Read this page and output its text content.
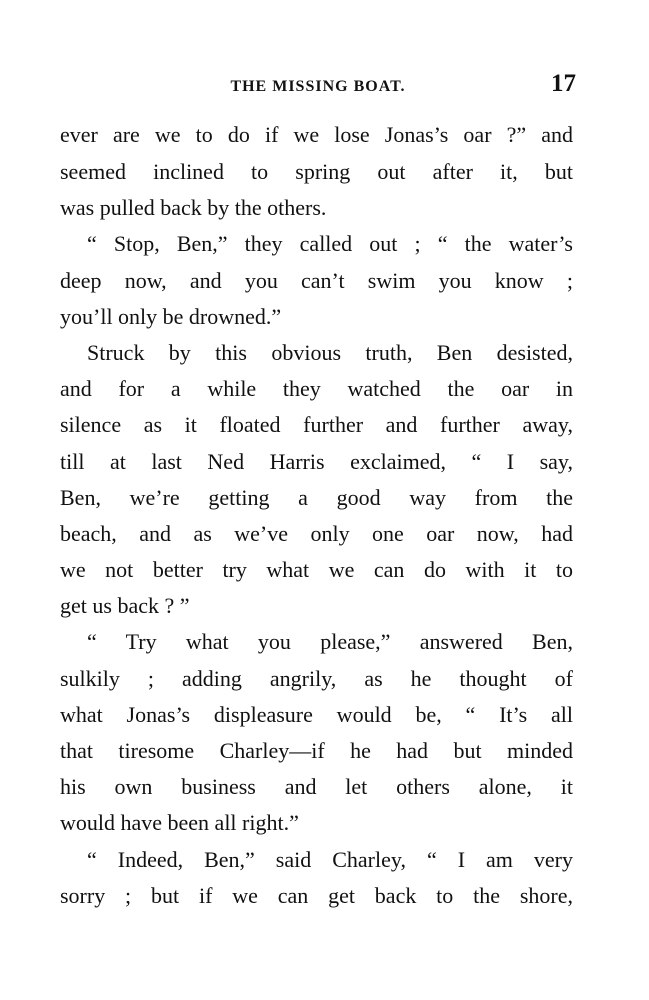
THE MISSING BOAT.	17
ever are we to do if we lose Jonas’s oar ?” and
seemed inclined to spring out after it, but
was pulled back by the others.
“ Stop, Ben,” they called out ; “ the water’s
deep now, and you can’t swim you know ;
you’ll only be drowned.”
Struck by this obvious truth, Ben desisted,
and for a while they watched the oar in
silence as it floated further and further away,
till at last Ned Harris exclaimed, “ I say,
Ben, we’re getting a good way from the
beach, and as we’ve only one oar now, had
we not better try what we can do with it to
get us back ? ”
“ Try what you please,” answered Ben,
sulkily ; adding angrily, as he thought of
what Jonas’s displeasure would be, “ It’s all
that tiresome Charley—if he had but minded
his own business and let others alone, it
would have been all right.”
“ Indeed, Ben,” said Charley, “ I am very
sorry ; but if we can get back to the shore,
